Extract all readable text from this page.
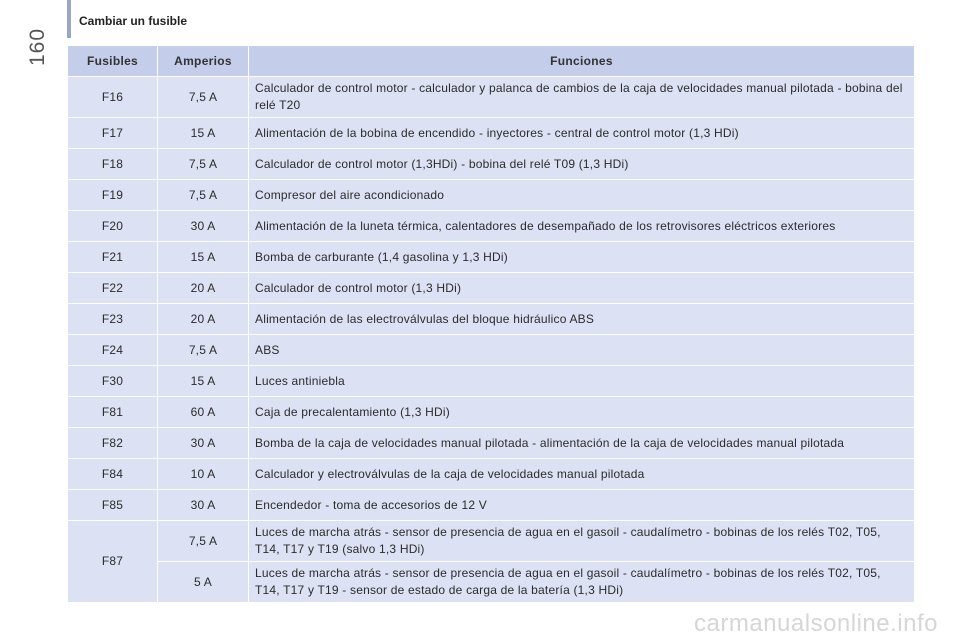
Cambiar un fusible
160	Fusibles	Amperios	Funciones
F16	7,5 A	Calculador de control motor - calculador y palanca de cambios de la caja de velocidades manual pilotada - bobina del relé T20
F17	15 A	Alimentación de la bobina de encendido - inyectores - central de control motor (1,3 HDi)
F18	7,5 A	Calculador de control motor (1,3HDi) - bobina del relé T09 (1,3 HDi)
F19	7,5 A	Compresor del aire acondicionado
F20	30 A	Alimentación de la luneta térmica, calentadores de desempañado de los retrovisores eléctricos exteriores
F21	15 A	Bomba de carburante (1,4 gasolina y 1,3 HDi)
F22	20 A	Calculador de control motor (1,3 HDi)
F23	20 A	Alimentación de las electroválvulas del bloque hidráulico ABS
F24	7,5 A	ABS
F30	15 A	Luces antiniebla
F81	60 A	Caja de precalentamiento (1,3 HDi)
F82	30 A	Bomba de la caja de velocidades manual pilotada - alimentación de la caja de velocidades manual pilotada
F84	10 A	Calculador y electroválvulas de la caja de velocidades manual pilotada
F85	30 A	Encendedor - toma de accesorios de 12 V
F87	7,5 A	Luces de marcha atrás - sensor de presencia de agua en el gasoil - caudalímetro - bobinas de los relés T02, T05, T14, T17 y T19 (salvo 1,3 HDi)
	5 A	Luces de marcha atrás - sensor de presencia de agua en el gasoil - caudalímetro - bobinas de los relés T02, T05, T14, T17 y T19 - sensor de estado de carga de la batería (1,3 HDi)
carmanualsonline.info
